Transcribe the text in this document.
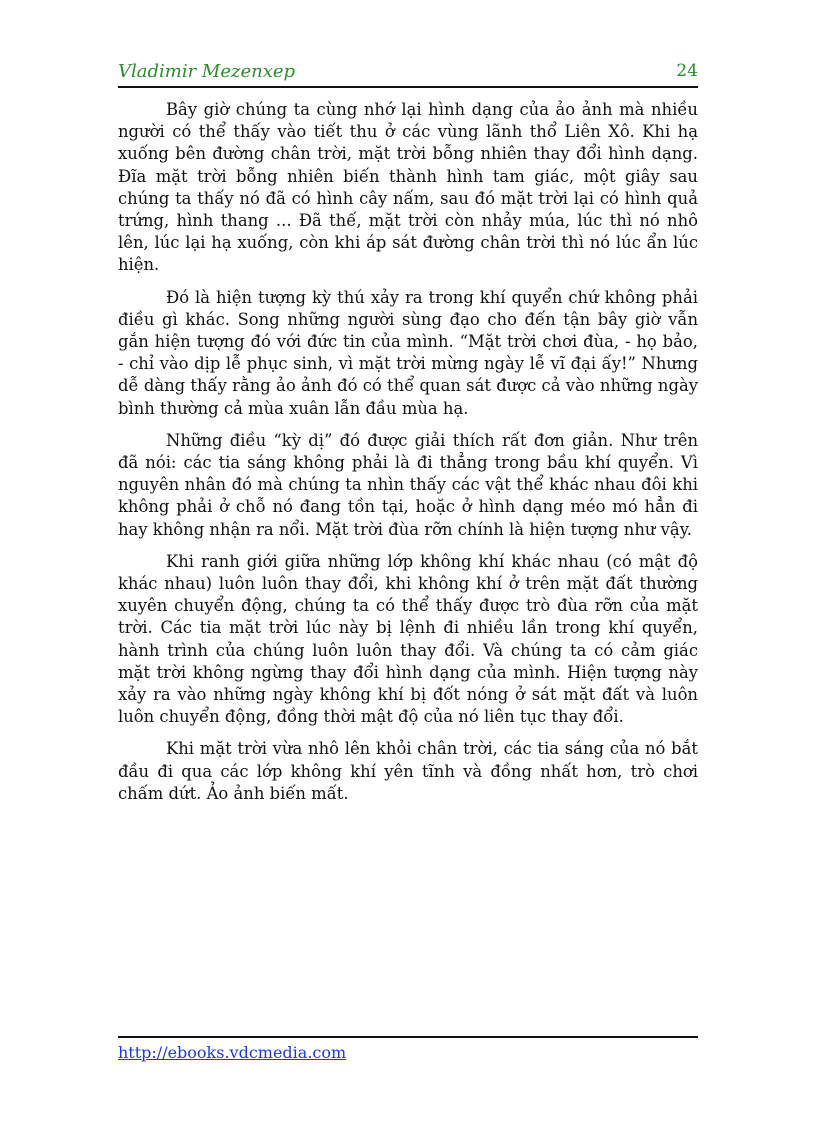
Vladimir Mezenxep	24

Bây giờ chúng ta cùng nhớ lại hình dạng của ảo ảnh mà nhiều người có thể thấy vào tiết thu ở các vùng lãnh thổ Liên Xô. Khi hạ xuống bên đường chân trời, mặt trời bỗng nhiên thay đổi hình dạng. Đĩa mặt trời bỗng nhiên biến thành hình tam giác, một giây sau chúng ta thấy nó đã có hình cây nấm, sau đó mặt trời lại có hình quả trứng, hình thang ... Đã thế, mặt trời còn nhảy múa, lúc thì nó nhô lên, lúc lại hạ xuống, còn khi áp sát đường chân trời thì nó lúc ẩn lúc hiện.

Đó là hiện tượng kỳ thú xảy ra trong khí quyển chứ không phải điều gì khác. Song những người sùng đạo cho đến tận bây giờ vẫn gắn hiện tượng đó với đức tin của mình. “Mặt trời chơi đùa, - họ bảo, - chỉ vào dịp lễ phục sinh, vì mặt trời mừng ngày lễ vĩ đại ấy!” Nhưng dễ dàng thấy rằng ảo ảnh đó có thể quan sát được cả vào những ngày bình thường cả mùa xuân lẫn đầu mùa hạ.

Những điều “kỳ dị” đó được giải thích rất đơn giản. Như trên đã nói: các tia sáng không phải là đi thẳng trong bầu khí quyển. Vì nguyên nhân đó mà chúng ta nhìn thấy các vật thể khác nhau đôi khi không phải ở chỗ nó đang tồn tại, hoặc ở hình dạng méo mó hẳn đi hay không nhận ra nổi. Mặt trời đùa rỡn chính là hiện tượng như vậy.

Khi ranh giới giữa những lớp không khí khác nhau (có mật độ khác nhau) luôn luôn thay đổi, khi không khí ở trên mặt đất thường xuyên chuyển động, chúng ta có thể thấy được trò đùa rỡn của mặt trời. Các tia mặt trời lúc này bị lệnh đi nhiều lần trong khí quyển, hành trình của chúng luôn luôn thay đổi. Và chúng ta có cảm giác mặt trời không ngừng thay đổi hình dạng của mình. Hiện tượng này xảy ra vào những ngày không khí bị đốt nóng ở sát mặt đất và luôn luôn chuyển động, đồng thời mật độ của nó liên tục thay đổi.

Khi mặt trời vừa nhô lên khỏi chân trời, các tia sáng của nó bắt đầu đi qua các lớp không khí yên tĩnh và đồng nhất hơn, trò chơi chấm dứt. Ảo ảnh biến mất.

http://ebooks.vdcmedia.com
